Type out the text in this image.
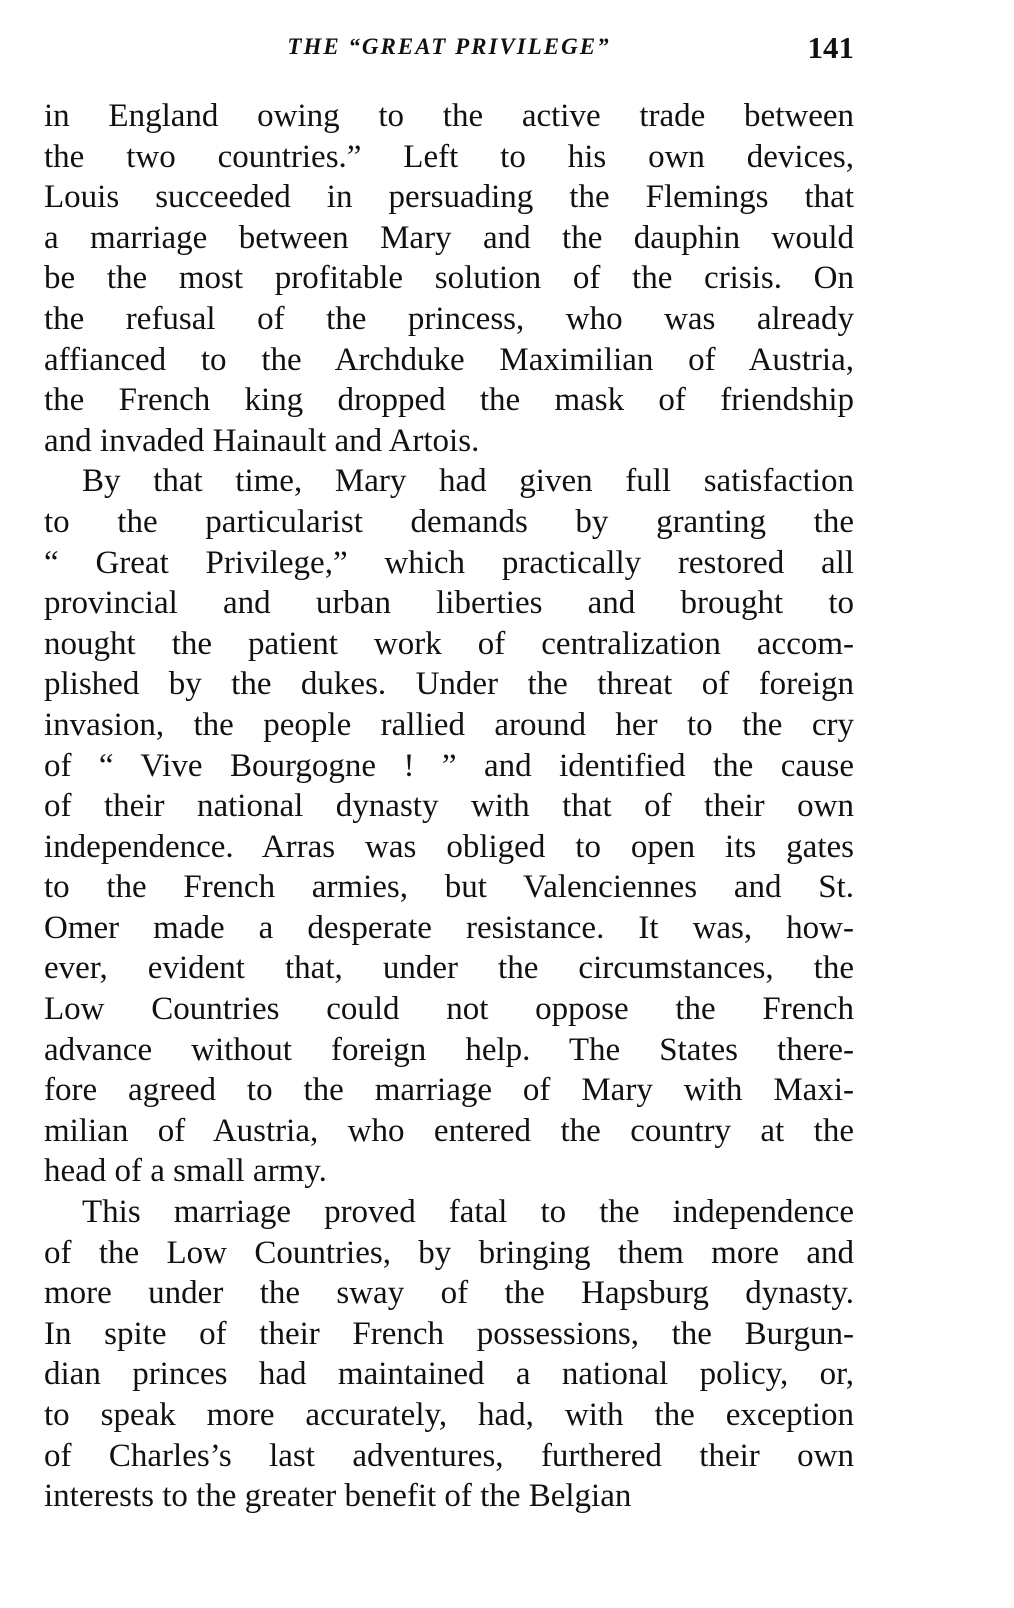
THE “GREAT PRIVILEGE”	141
in England owing to the active trade between
the two countries.” Left to his own devices,
Louis succeeded in persuading the Flemings that
a marriage between Mary and the dauphin would
be the most profitable solution of the crisis. On
the refusal of the princess, who was already
affianced to the Archduke Maximilian of Austria,
the French king dropped the mask of friendship
and invaded Hainault and Artois.
By that time, Mary had given full satisfaction
to the particularist demands by granting the
“ Great Privilege,” which practically restored all
provincial and urban liberties and brought to
nought the patient work of centralization accom-
plished by the dukes. Under the threat of foreign
invasion, the people rallied around her to the cry
of “ Vive Bourgogne ! ” and identified the cause
of their national dynasty with that of their own
independence. Arras was obliged to open its gates
to the French armies, but Valenciennes and St.
Omer made a desperate resistance. It was, how-
ever, evident that, under the circumstances, the
Low Countries could not oppose the French
advance without foreign help. The States there-
fore agreed to the marriage of Mary with Maxi-
milian of Austria, who entered the country at the
head of a small army.
This marriage proved fatal to the independence
of the Low Countries, by bringing them more and
more under the sway of the Hapsburg dynasty.
In spite of their French possessions, the Burgun-
dian princes had maintained a national policy, or,
to speak more accurately, had, with the exception
of Charles’s last adventures, furthered their own
interests to the greater benefit of the Belgian
